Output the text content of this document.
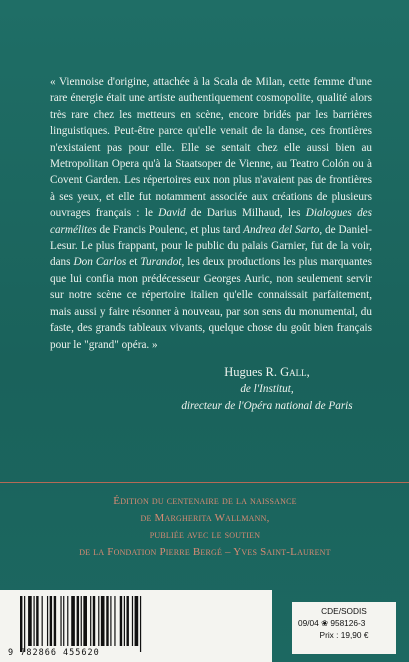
« Viennoise d'origine, attachée à la Scala de Milan, cette femme d'une rare énergie était une artiste authentiquement cosmopolite, qualité alors très rare chez les metteurs en scène, encore bridés par les barrières linguistiques. Peut-être parce qu'elle venait de la danse, ces frontières n'existaient pas pour elle. Elle se sentait chez elle aussi bien au Metropolitan Opera qu'à la Staatsoper de Vienne, au Teatro Colón ou à Covent Garden. Les répertoires eux non plus n'avaient pas de frontières à ses yeux, et elle fut notamment associée aux créations de plusieurs ouvrages français : le David de Darius Milhaud, les Dialogues des carmélites de Francis Poulenc, et plus tard Andrea del Sarto, de Daniel-Lesur. Le plus frappant, pour le public du palais Garnier, fut de la voir, dans Don Carlos et Turandot, les deux productions les plus marquantes que lui confia mon prédécesseur Georges Auric, non seulement servir sur notre scène ce répertoire italien qu'elle connaissait parfaitement, mais aussi y faire résonner à nouveau, par son sens du monumental, du faste, des grands tableaux vivants, quelque chose du goût bien français pour le "grand" opéra. »

Hugues R. Gall,
de l'Institut,
directeur de l'Opéra national de Paris
Édition du centenaire de la naissance
de Margherita Wallmann,
publiée avec le soutien
de la Fondation Pierre Bergé – Yves Saint-Laurent
9 782866 455620
CDE/SODIS
09/04 ❀ 958126-3
Prix : 19,90 €
